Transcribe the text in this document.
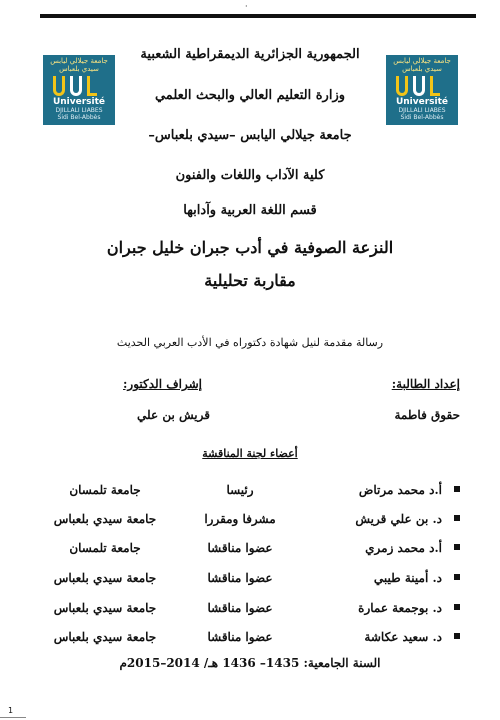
·
جامعة جيلالي ليابس سيدي بلعباس
Université
DJILLALI LIABES
Sidi Bel-Abbès
جامعة جيلالي ليابس سيدي بلعباس
Université
DJILLALI LIABES
Sidi Bel-Abbès
الجمهورية الجزائرية الديمقراطية الشعبية
وزارة التعليم العالي والبحث العلمي
جامعة جيلالي اليابس –سيدي بلعباس–
كلية الآداب واللغات والفنون
قسم اللغة العربية وآدابها
النزعة الصوفية في أدب جبران خليل جبران
مقاربة تحليلية
رسالة مقدمة لنيل شهادة دكتوراه في الأدب العربي الحديث
إعداد الطالبة:
إشراف الدكتور:
حقوق فاطمة
قريش بن علي
أعضاء لجنة المناقشة
أ.د محمد مرتاض
رئيسا
جامعة تلمسان
د. بن علي قريش
مشرفا ومقررا
جامعة سيدي بلعباس
أ.د محمد زمري
عضوا مناقشا
جامعة تلمسان
د. أمينة طيبي
عضوا مناقشا
جامعة سيدي بلعباس
د. بوجمعة عمارة
عضوا مناقشا
جامعة سيدي بلعباس
د. سعيد عكاشة
عضوا مناقشا
جامعة سيدي بلعباس
السنة الجامعية: 1435– 1436 هـ/ 2014–2015م
1
